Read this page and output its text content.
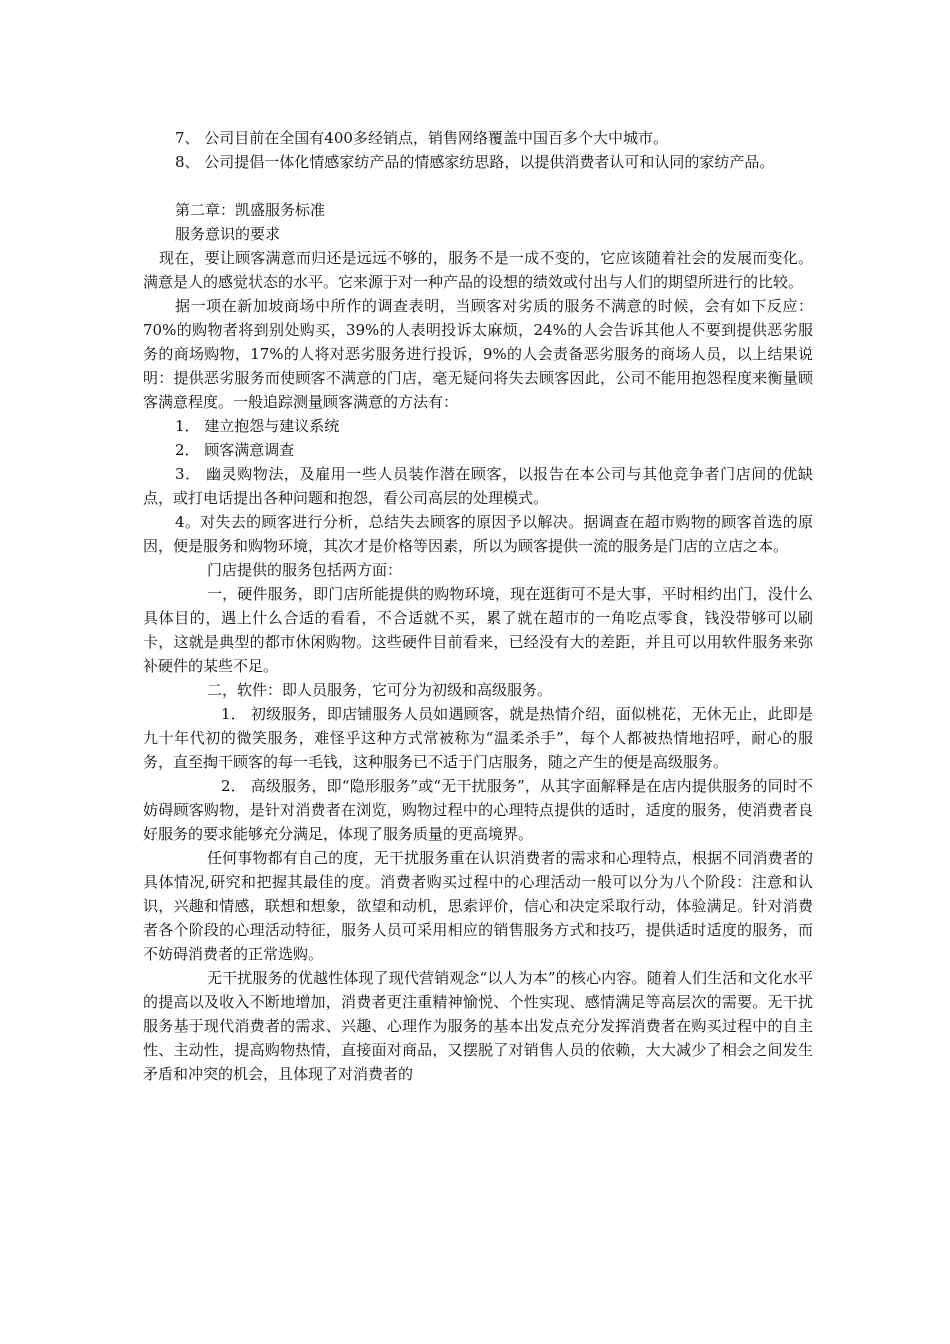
7、 公司目前在全国有400多经销点，销售网络覆盖中国百多个大中城市。

8、 公司提倡一体化情感家纺产品的情感家纺思路，以提供消费者认可和认同的家纺产品。

第二章：凯盛服务标准

服务意识的要求

现在，要让顾客满意而归还是远远不够的，服务不是一成不变的，它应该随着社会的发展而变化。满意是人的感觉状态的水平。它来源于对一种产品的设想的绩效或付出与人们的期望所进行的比较。

据一项在新加坡商场中所作的调查表明，当顾客对劣质的服务不满意的时候，会有如下反应：70%的购物者将到别处购买，39%的人表明投诉太麻烦，24%的人会告诉其他人不要到提供恶劣服务的商场购物，17%的人将对恶劣服务进行投诉，9%的人会责备恶劣服务的商场人员，以上结果说明：提供恶劣服务而使顾客不满意的门店，毫无疑问将失去顾客因此，公司不能用抱怨程度来衡量顾客满意程度。一般追踪测量顾客满意的方法有：

1． 建立抱怨与建议系统

2． 顾客满意调查

3． 幽灵购物法，及雇用一些人员装作潜在顾客，以报告在本公司与其他竞争者门店间的优缺点，或打电话提出各种问题和抱怨，看公司高层的处理模式。

4。对失去的顾客进行分析，总结失去顾客的原因予以解决。据调查在超市购物的顾客首选的原因，便是服务和购物环境，其次才是价格等因素，所以为顾客提供一流的服务是门店的立店之本。

门店提供的服务包括两方面：

一，硬件服务，即门店所能提供的购物环境，现在逛街可不是大事，平时相约出门，没什么具体目的，遇上什么合适的看看，不合适就不买，累了就在超市的一角吃点零食，钱没带够可以刷卡，这就是典型的都市休闲购物。这些硬件目前看来，已经没有大的差距，并且可以用软件服务来弥补硬件的某些不足。

二，软件：即人员服务，它可分为初级和高级服务。

1． 初级服务，即店铺服务人员如遇顾客，就是热情介绍，面似桃花，无休无止，此即是九十年代初的微笑服务，难怪乎这种方式常被称为“温柔杀手”，每个人都被热情地招呼，耐心的服务，直至掏干顾客的每一毛钱，这种服务已不适于门店服务，随之产生的便是高级服务。

2． 高级服务，即“隐形服务”或“无干扰服务”，从其字面解释是在店内提供服务的同时不妨碍顾客购物，是针对消费者在浏览，购物过程中的心理特点提供的适时，适度的服务，使消费者良好服务的要求能够充分满足，体现了服务质量的更高境界。

任何事物都有自己的度，无干扰服务重在认识消费者的需求和心理特点，根据不同消费者的具体情况,研究和把握其最佳的度。消费者购买过程中的心理活动一般可以分为八个阶段：注意和认识，兴趣和情感，联想和想象，欲望和动机，思索评价，信心和决定采取行动，体验满足。针对消费者各个阶段的心理活动特征，服务人员可采用相应的销售服务方式和技巧，提供适时适度的服务，而不妨碍消费者的正常选购。

无干扰服务的优越性体现了现代营销观念“以人为本”的核心内容。随着人们生活和文化水平的提高以及收入不断地增加，消费者更注重精神愉悦、个性实现、感情满足等高层次的需要。无干扰服务基于现代消费者的需求、兴趣、心理作为服务的基本出发点充分发挥消费者在购买过程中的自主性、主动性，提高购物热情，直接面对商品，又摆脱了对销售人员的依赖，大大减少了相会之间发生矛盾和冲突的机会，且体现了对消费者的
